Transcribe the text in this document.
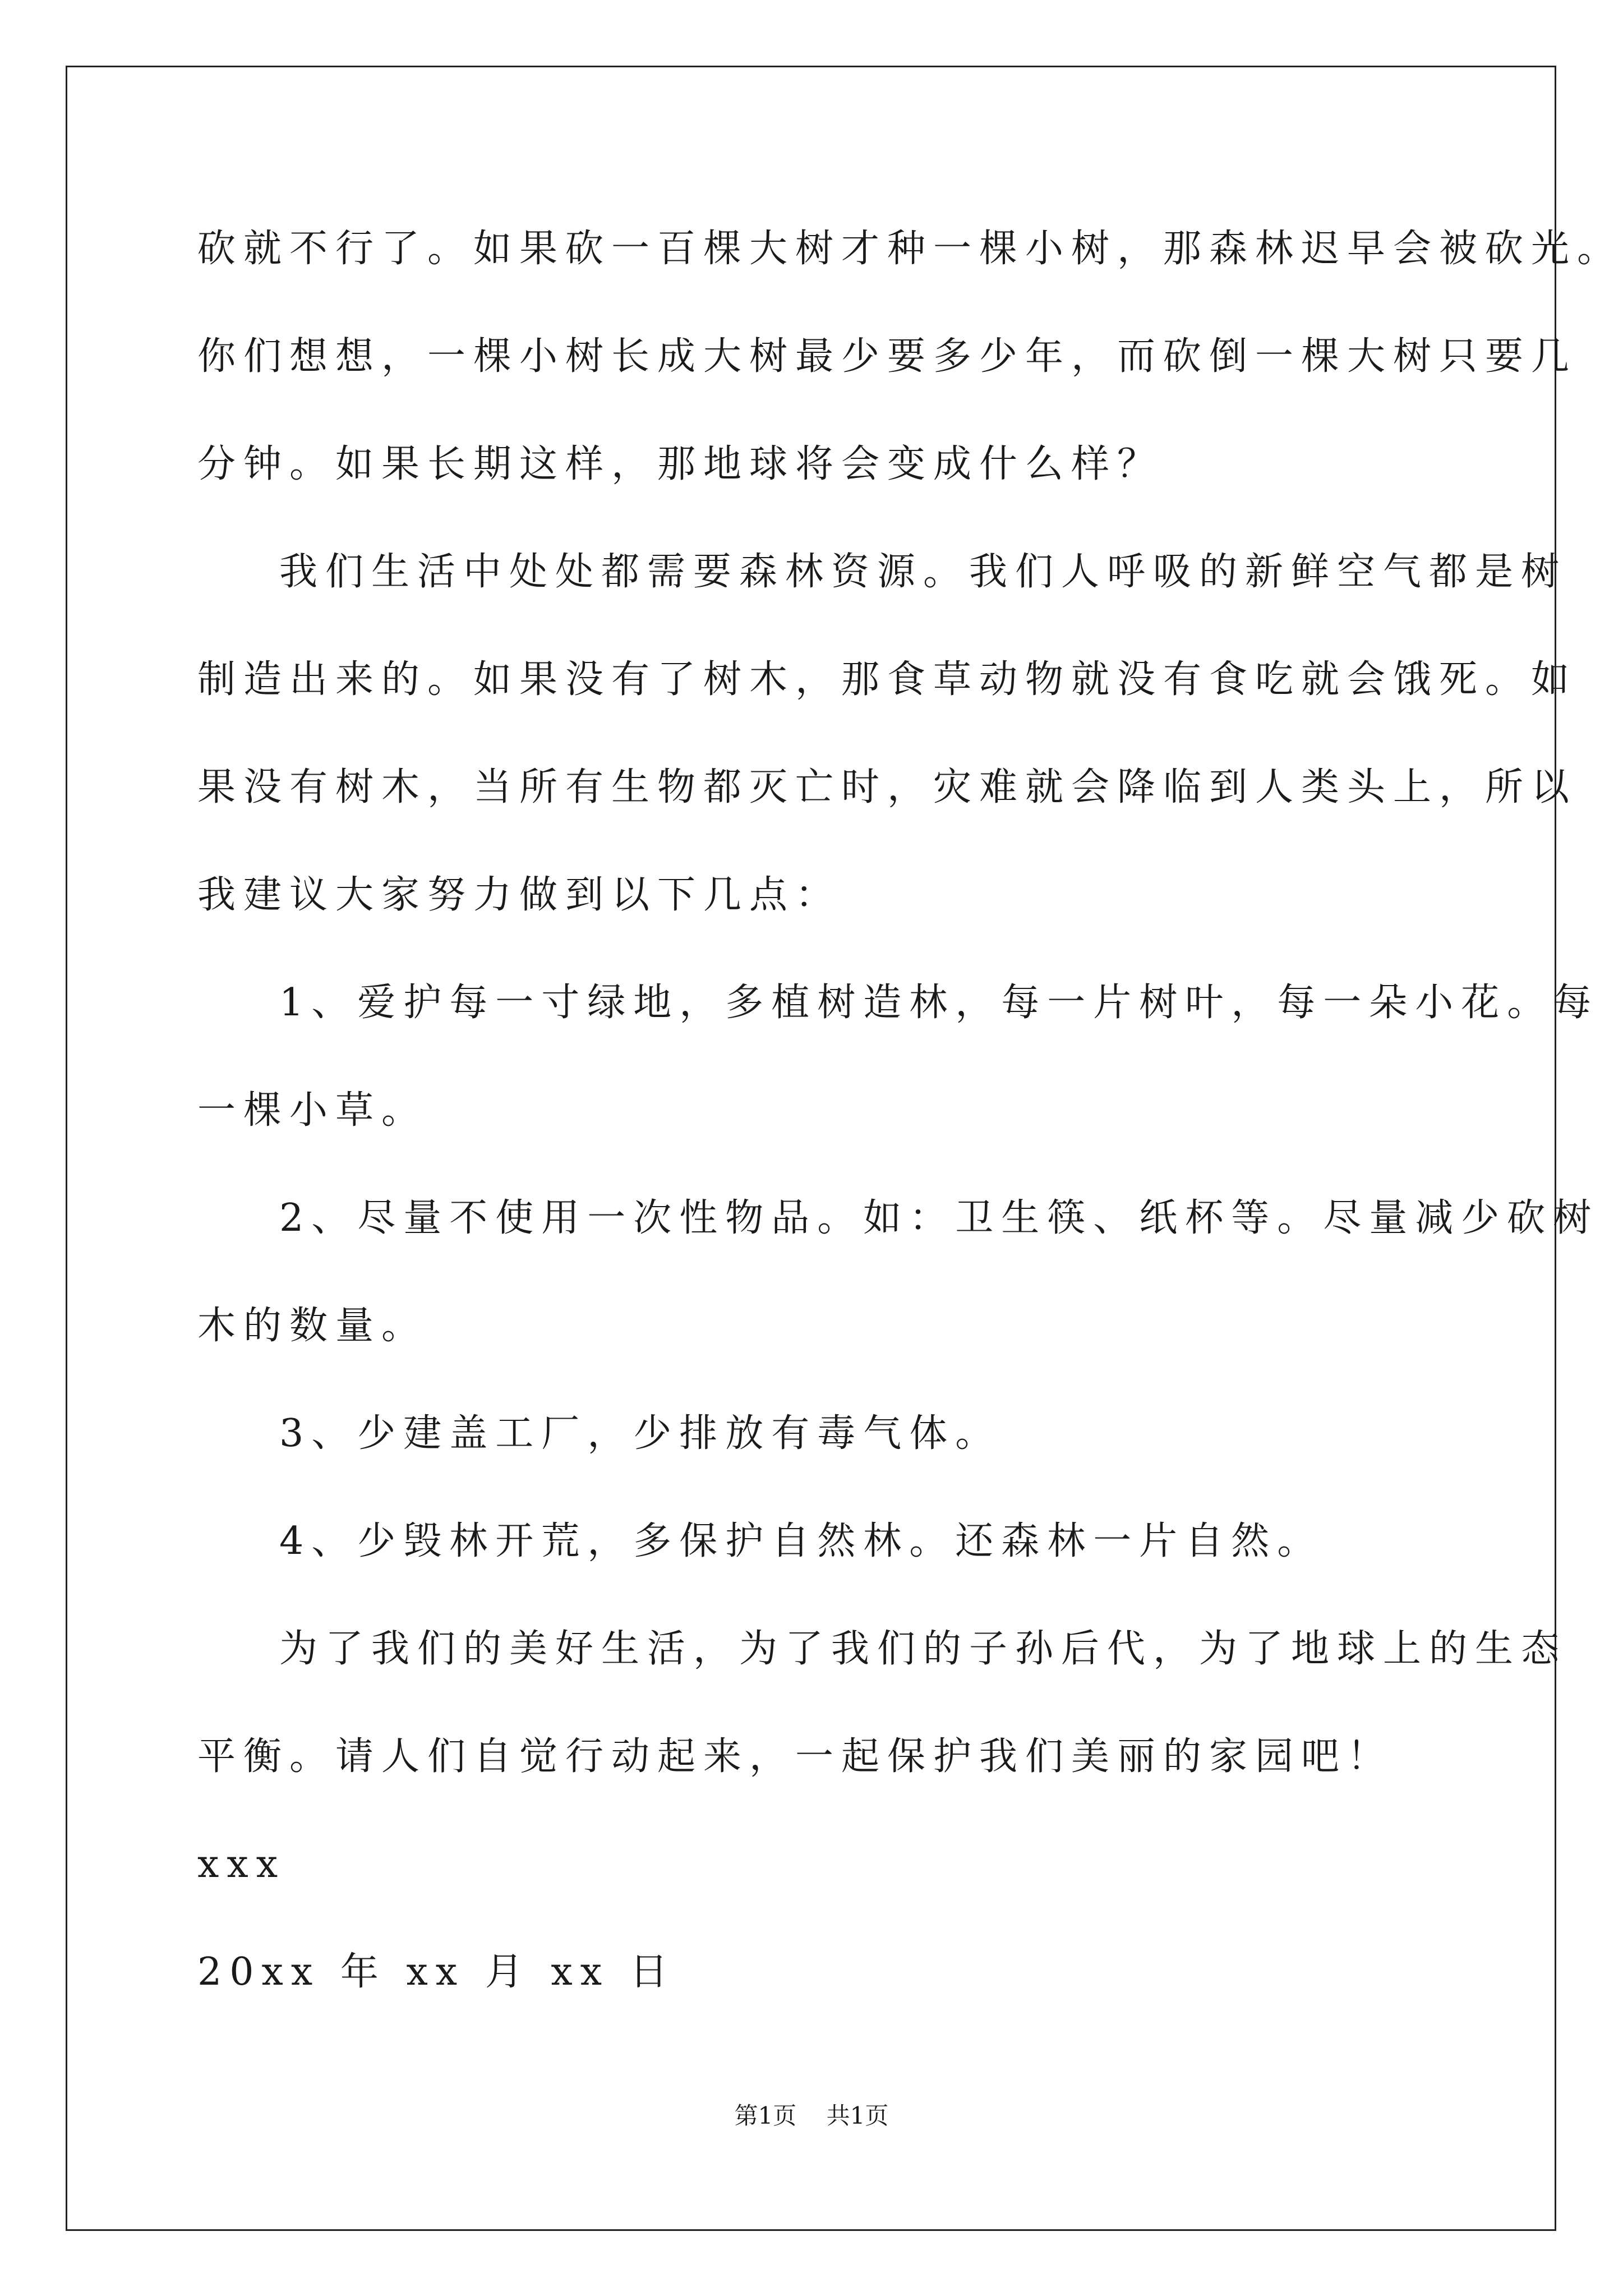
砍就不行了。如果砍一百棵大树才种一棵小树，那森林迟早会被砍光。
你们想想，一棵小树长成大树最少要多少年，而砍倒一棵大树只要几
分钟。如果长期这样，那地球将会变成什么样？
我们生活中处处都需要森林资源。我们人呼吸的新鲜空气都是树
制造出来的。如果没有了树木，那食草动物就没有食吃就会饿死。如
果没有树木，当所有生物都灭亡时，灾难就会降临到人类头上，所以
我建议大家努力做到以下几点：
1、爱护每一寸绿地，多植树造林，每一片树叶，每一朵小花。每
一棵小草。
2、尽量不使用一次性物品。如：卫生筷、纸杯等。尽量减少砍树
木的数量。
3、少建盖工厂，少排放有毒气体。
4、少毁林开荒，多保护自然林。还森林一片自然。
为了我们的美好生活，为了我们的子孙后代，为了地球上的生态
平衡。请人们自觉行动起来，一起保护我们美丽的家园吧！
xxx
20xx 年 xx 月 xx 日
第1页 共1页
